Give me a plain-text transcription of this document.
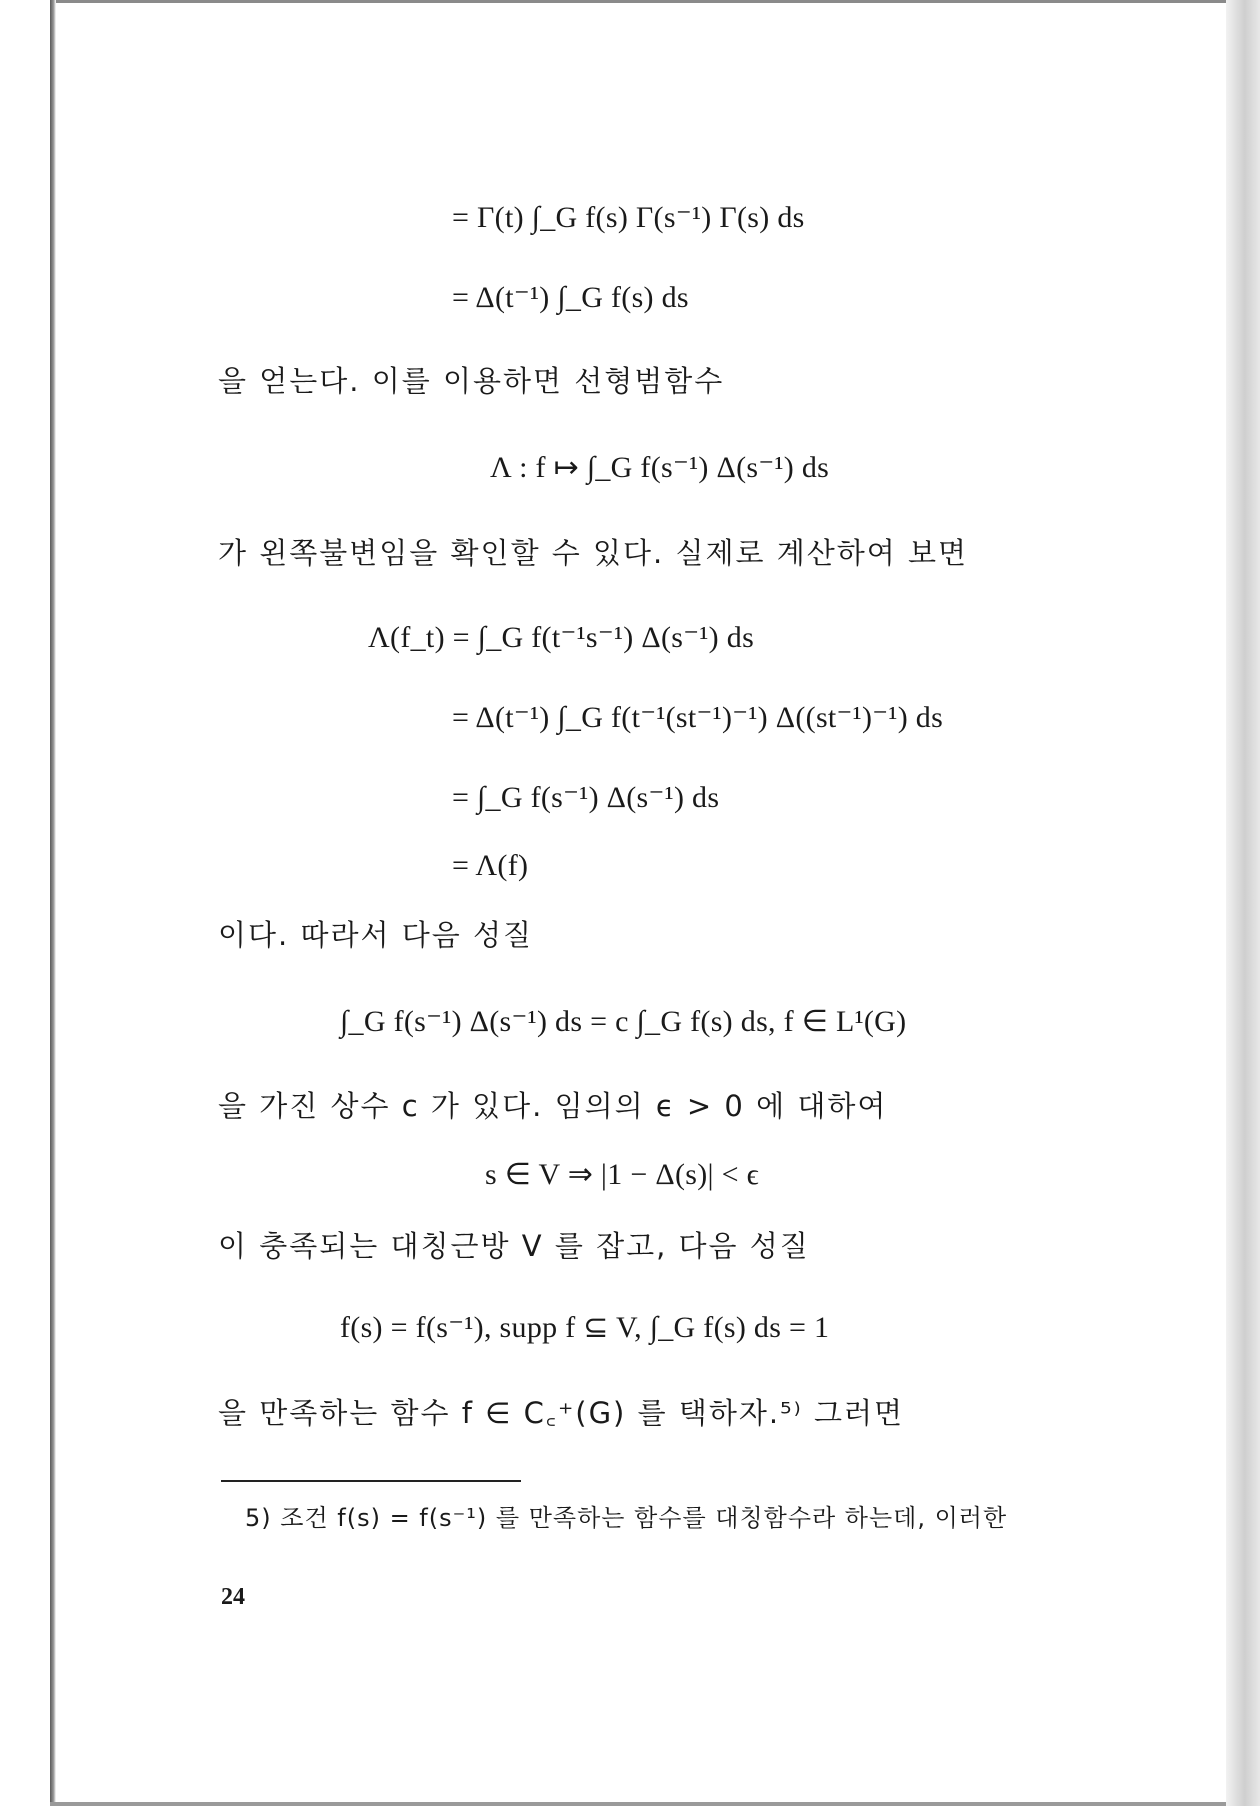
= Γ(t) ∫_G f(s) Γ(s⁻¹) Γ(s) ds
= Δ(t⁻¹) ∫_G f(s) ds
을 얻는다. 이를 이용하면 선형범함수
Λ : f ↦ ∫_G f(s⁻¹) Δ(s⁻¹) ds
가 왼쪽불변임을 확인할 수 있다. 실제로 계산하여 보면
Λ(f_t) = ∫_G f(t⁻¹s⁻¹) Δ(s⁻¹) ds
= Δ(t⁻¹) ∫_G f(t⁻¹(st⁻¹)⁻¹) Δ((st⁻¹)⁻¹) ds
= ∫_G f(s⁻¹) Δ(s⁻¹) ds
= Λ(f)
이다. 따라서 다음 성질
∫_G f(s⁻¹) Δ(s⁻¹) ds = c ∫_G f(s) ds, f ∈ L¹(G)
을 가진 상수 c 가 있다. 임의의 ϵ > 0 에 대하여
s ∈ V ⇒ |1 − Δ(s)| < ϵ
이 충족되는 대칭근방 V 를 잡고, 다음 성질
f(s) = f(s⁻¹), supp f ⊆ V, ∫_G f(s) ds = 1
을 만족하는 함수 f ∈ C꜀⁺(G) 를 택하자.⁵⁾ 그러면
5) 조건 f(s) = f(s⁻¹) 를 만족하는 함수를 대칭함수라 하는데, 이러한
24
